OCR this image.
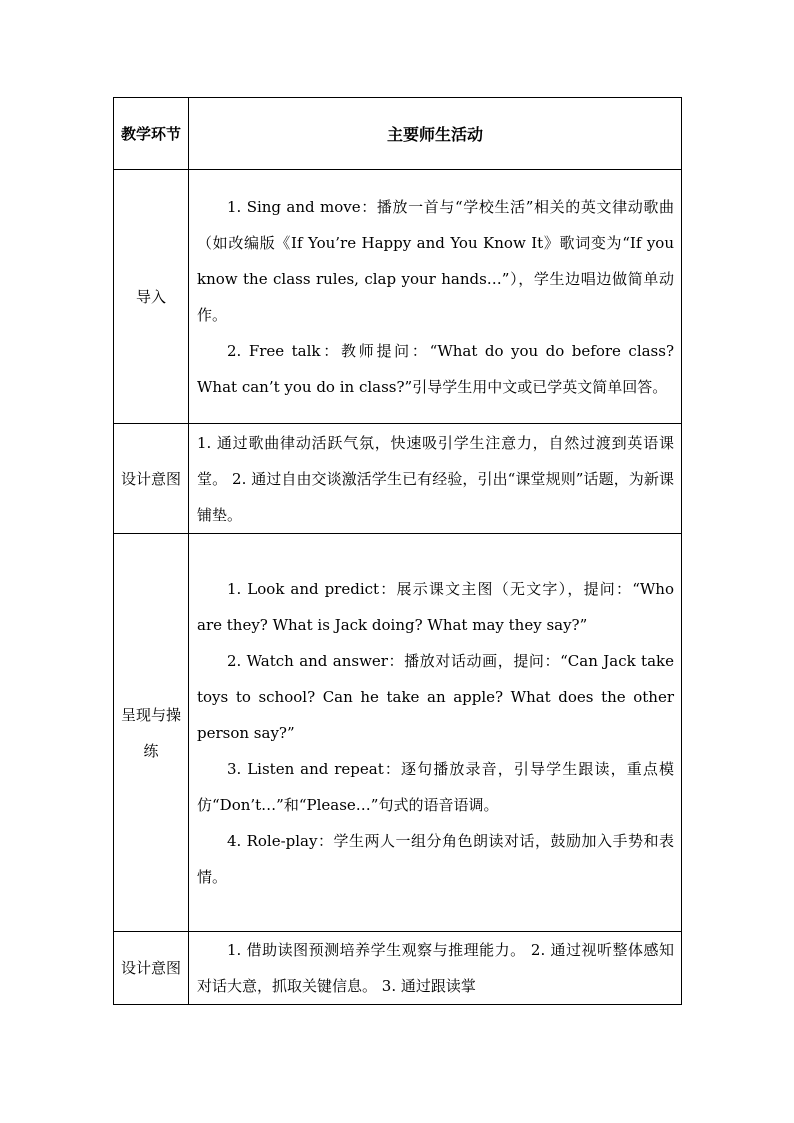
教学环节	主要师生活动
导入	1. Sing and move：播放一首与“学校生活”相关的英文律动歌曲（如改编版《If You’re Happy and You Know It》歌词变为“If you know the class rules, clap your hands…”），学生边唱边做简单动作。

2. Free talk：教师提问：“What do you do before class? What can’t you do in class?”引导学生用中文或已学英文简单回答。

设计意图	1. 通过歌曲律动活跃气氛，快速吸引学生注意力，自然过渡到英语课堂。 2. 通过自由交谈激活学生已有经验，引出“课堂规则”话题，为新课铺垫。

呈现与操练	1. Look and predict：展示课文主图（无文字），提问：“Who are they? What is Jack doing? What may they say?”

2. Watch and answer：播放对话动画，提问：“Can Jack take toys to school? Can he take an apple? What does the other person say?”

3. Listen and repeat：逐句播放录音，引导学生跟读，重点模仿“Don’t…”和“Please…”句式的语音语调。

4. Role-play：学生两人一组分角色朗读对话，鼓励加入手势和表情。

设计意图	1. 借助读图预测培养学生观察与推理能力。 2. 通过视听整体感知对话大意，抓取关键信息。 3. 通过跟读掌
